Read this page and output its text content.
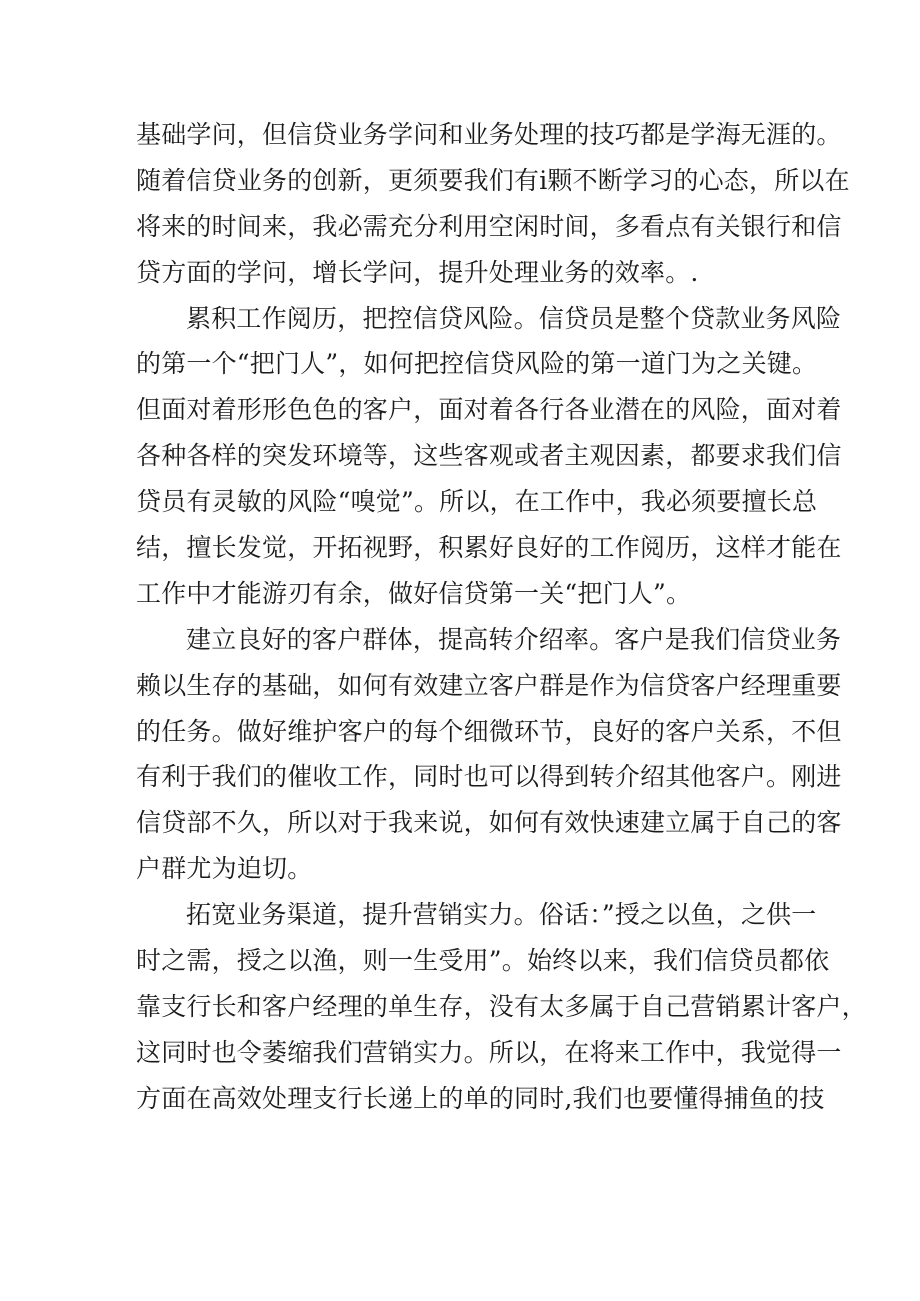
基础学问，但信贷业务学问和业务处理的技巧都是学海无涯的。
随着信贷业务的创新，更须要我们有i颗不断学习的心态，所以在
将来的时间来，我必需充分利用空闲时间，多看点有关银行和信
贷方面的学问，增长学问，提升处理业务的效率。.
累积工作阅历，把控信贷风险。信贷员是整个贷款业务风险
的第一个“把门人”，如何把控信贷风险的第一道门为之关键。
但面对着形形色色的客户，面对着各行各业潜在的风险，面对着
各种各样的突发环境等，这些客观或者主观因素，都要求我们信
贷员有灵敏的风险“嗅觉”。所以，在工作中，我必须要擅长总
结，擅长发觉，开拓视野，积累好良好的工作阅历，这样才能在
工作中才能游刃有余，做好信贷第一关“把门人”。
建立良好的客户群体，提高转介绍率。客户是我们信贷业务
赖以生存的基础，如何有效建立客户群是作为信贷客户经理重要
的任务。做好维护客户的每个细微环节，良好的客户关系，不但
有利于我们的催收工作，同时也可以得到转介绍其他客户。刚进
信贷部不久，所以对于我来说，如何有效快速建立属于自己的客
户群尤为迫切。
拓宽业务渠道，提升营销实力。俗话：”授之以鱼，之供一
时之需，授之以渔，则一生受用”。始终以来，我们信贷员都依
靠支行长和客户经理的单生存，没有太多属于自己营销累计客户，
这同时也令萎缩我们营销实力。所以，在将来工作中，我觉得一
方面在高效处理支行长递上的单的同时,我们也要懂得捕鱼的技
